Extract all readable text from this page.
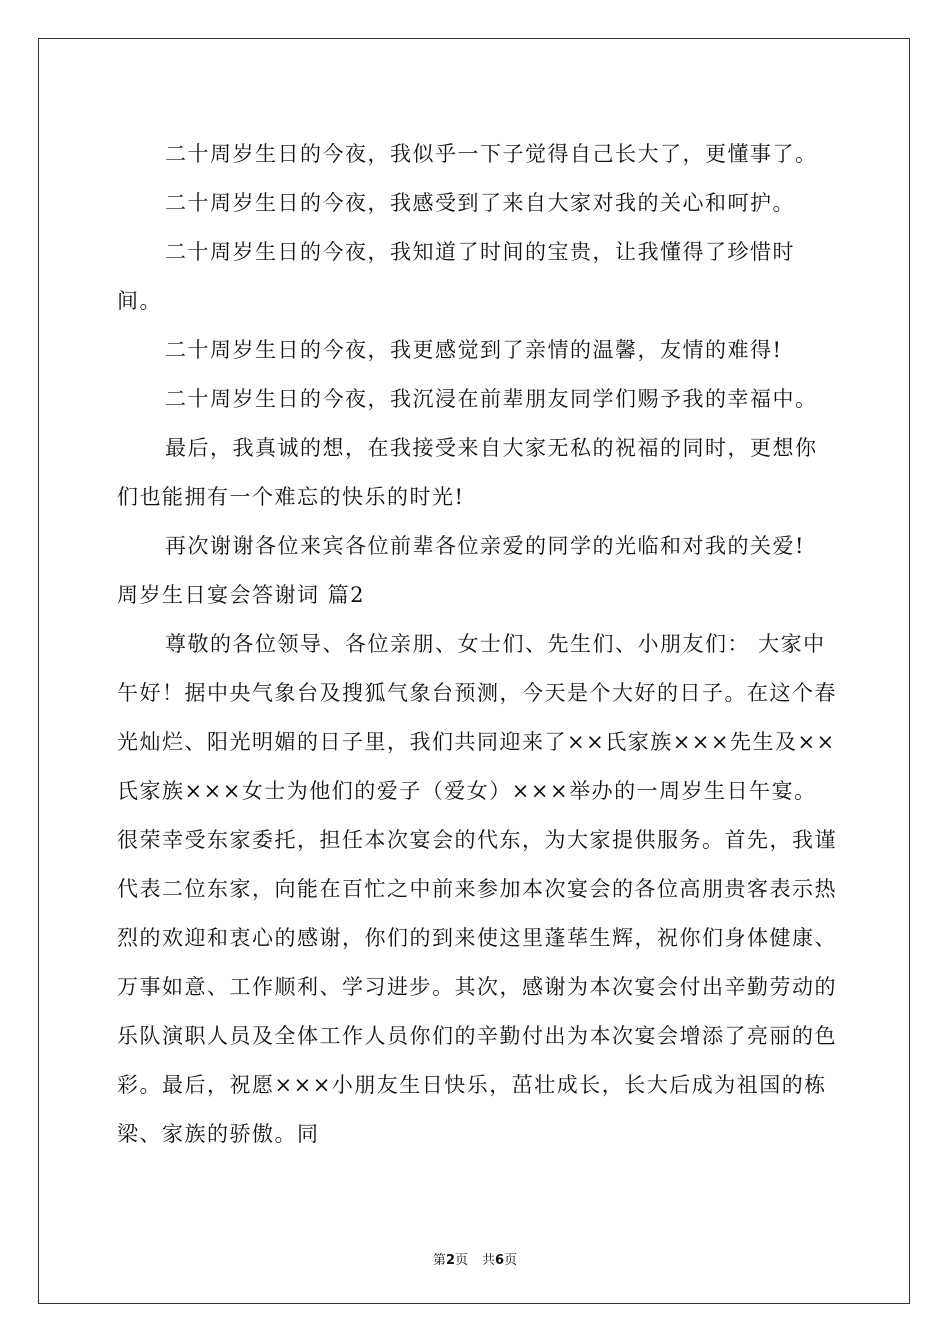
二十周岁生日的今夜，我似乎一下子觉得自己长大了，更懂事了。

二十周岁生日的今夜，我感受到了来自大家对我的关心和呵护。

二十周岁生日的今夜，我知道了时间的宝贵，让我懂得了珍惜时间。

二十周岁生日的今夜，我更感觉到了亲情的温馨，友情的难得!

二十周岁生日的今夜，我沉浸在前辈朋友同学们赐予我的幸福中。

最后，我真诚的想，在我接受来自大家无私的祝福的同时，更想你们也能拥有一个难忘的快乐的时光!

再次谢谢各位来宾各位前辈各位亲爱的同学的光临和对我的关爱!

周岁生日宴会答谢词 篇2

尊敬的各位领导、各位亲朋、女士们、先生们、小朋友们： 大家中午好！据中央气象台及搜狐气象台预测，今天是个大好的日子。在这个春光灿烂、阳光明媚的日子里，我们共同迎来了××氏家族×××先生及××氏家族×××女士为他们的爱子（爱女）×××举办的一周岁生日午宴。很荣幸受东家委托，担任本次宴会的代东，为大家提供服务。首先，我谨代表二位东家，向能在百忙之中前来参加本次宴会的各位高朋贵客表示热烈的欢迎和衷心的感谢，你们的到来使这里蓬荜生辉，祝你们身体健康、万事如意、工作顺利、学习进步。其次，感谢为本次宴会付出辛勤劳动的乐队演职人员及全体工作人员你们的辛勤付出为本次宴会增添了亮丽的色彩。最后，祝愿×××小朋友生日快乐，茁壮成长，长大后成为祖国的栋梁、家族的骄傲。同

第2页 共6页
